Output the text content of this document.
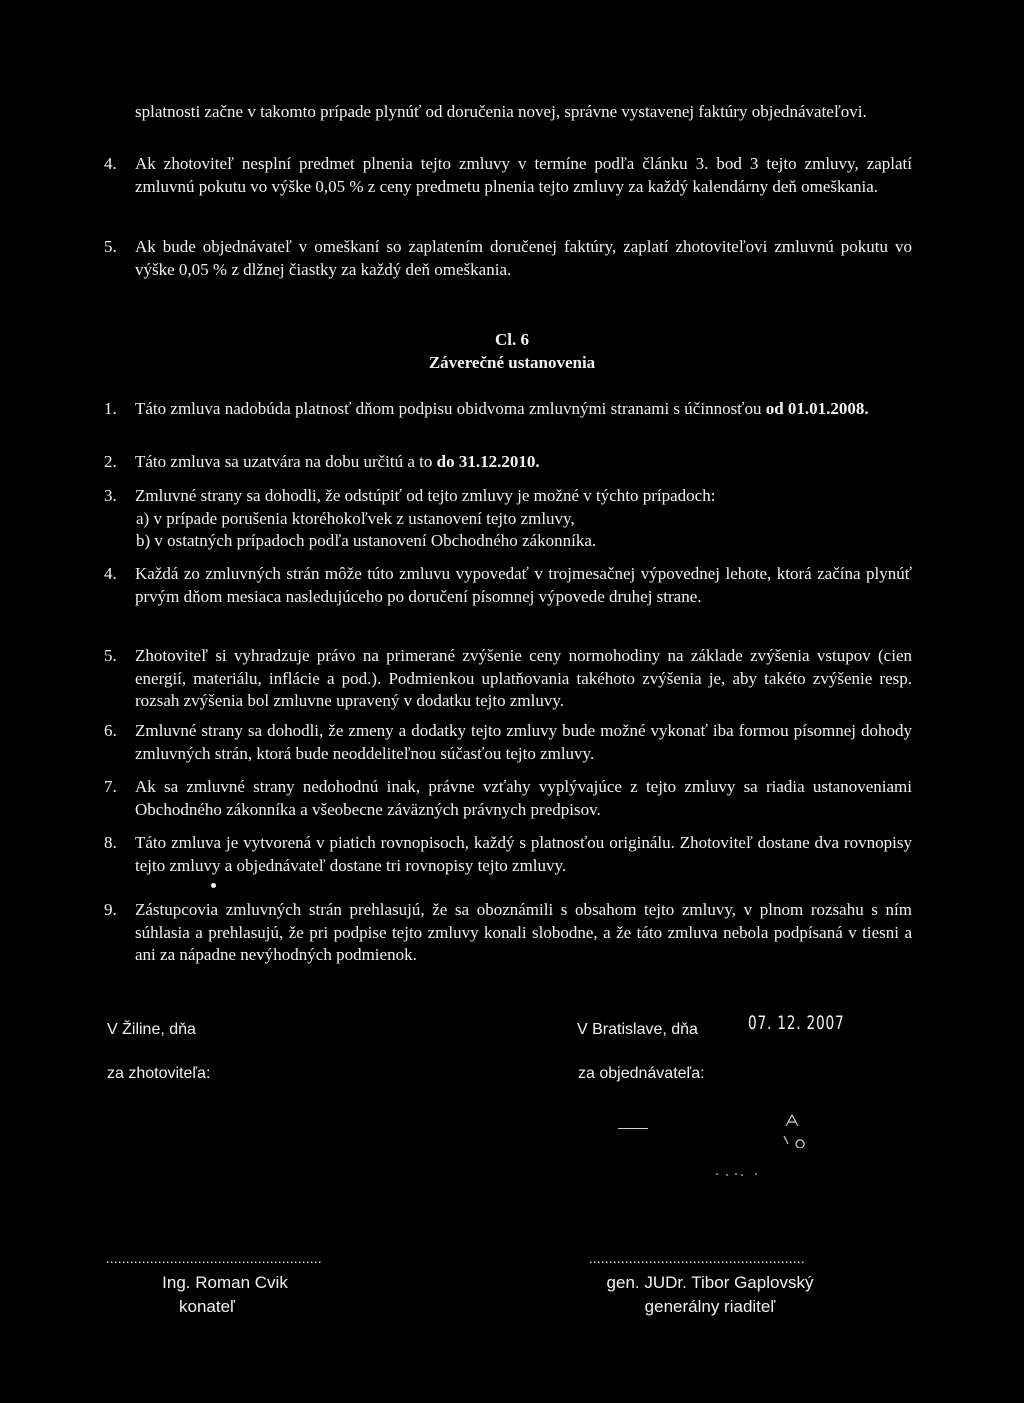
splatnosti začne v takomto prípade plynúť od doručenia novej, správne vystavenej faktúry objednávateľovi.
4.	Ak zhotoviteľ nesplní predmet plnenia tejto zmluvy v termíne podľa článku 3. bod 3 tejto zmluvy, zaplatí zmluvnú pokutu vo výške 0,05 % z ceny predmetu plnenia tejto zmluvy za každý kalendárny deň omeškania.
5.	Ak bude objednávateľ v omeškaní so zaplatením doručenej faktúry, zaplatí zhotoviteľovi zmluvnú pokutu vo výške 0,05 % z dlžnej čiastky za každý deň omeškania.
Cl. 6
Záverečné ustanovenia
1.	Táto zmluva nadobúda platnosť dňom podpisu obidvoma zmluvnými stranami s účinnosťou od 01.01.2008.
2.	Táto zmluva sa uzatvára na dobu určitú a to do 31.12.2010.
3.	Zmluvné strany sa dohodli, že odstúpiť od tejto zmluvy je možné v týchto prípadoch:
a) v prípade porušenia ktoréhokoľvek z ustanovení tejto zmluvy,
b) v ostatných prípadoch podľa ustanovení Obchodného zákonníka.
4.	Každá zo zmluvných strán môže túto zmluvu vypovedať v trojmesačnej výpovednej lehote, ktorá začína plynúť prvým dňom mesiaca nasledujúceho po doručení písomnej výpovede druhej strane.
5.	Zhotoviteľ si vyhradzuje právo na primerané zvýšenie ceny normohodiny na základe zvýšenia vstupov (cien energií, materiálu, inflácie a pod.). Podmienkou uplatňovania takéhoto zvýšenia je, aby takéto zvýšenie resp. rozsah zvýšenia bol zmluvne upravený v dodatku tejto zmluvy.
6.	Zmluvné strany sa dohodli, že zmeny a dodatky tejto zmluvy bude možné vykonať iba formou písomnej dohody zmluvných strán, ktorá bude neoddeliteľnou súčasťou tejto zmluvy.
7.	Ak sa zmluvné strany nedohodnú inak, právne vzťahy vyplývajúce z tejto zmluvy sa riadia ustanoveniami Obchodného zákonníka a všeobecne záväzných právnych predpisov.
8.	Táto zmluva je vytvorená v piatich rovnopisoch, každý s platnosťou originálu. Zhotoviteľ dostane dva rovnopisy tejto zmluvy a objednávateľ dostane tri rovnopisy tejto zmluvy.
9.	Zástupcovia zmluvných strán prehlasujú, že sa oboznámili s obsahom tejto zmluvy, v plnom rozsahu s ním súhlasia a prehlasujú, že pri podpise tejto zmluvy konali slobodne, a že táto zmluva nebola podpísaná v tiesni a ani za nápadne nevýhodných podmienok.
V Žiline, dňa	V Bratislave, dňa	07. 12. 2007
za zhotoviteľa:	za objednávateľa:
......................................................	......................................................
Ing. Roman Cvik
konateľ
gen. JUDr. Tibor Gaplovský
generálny riaditeľ
